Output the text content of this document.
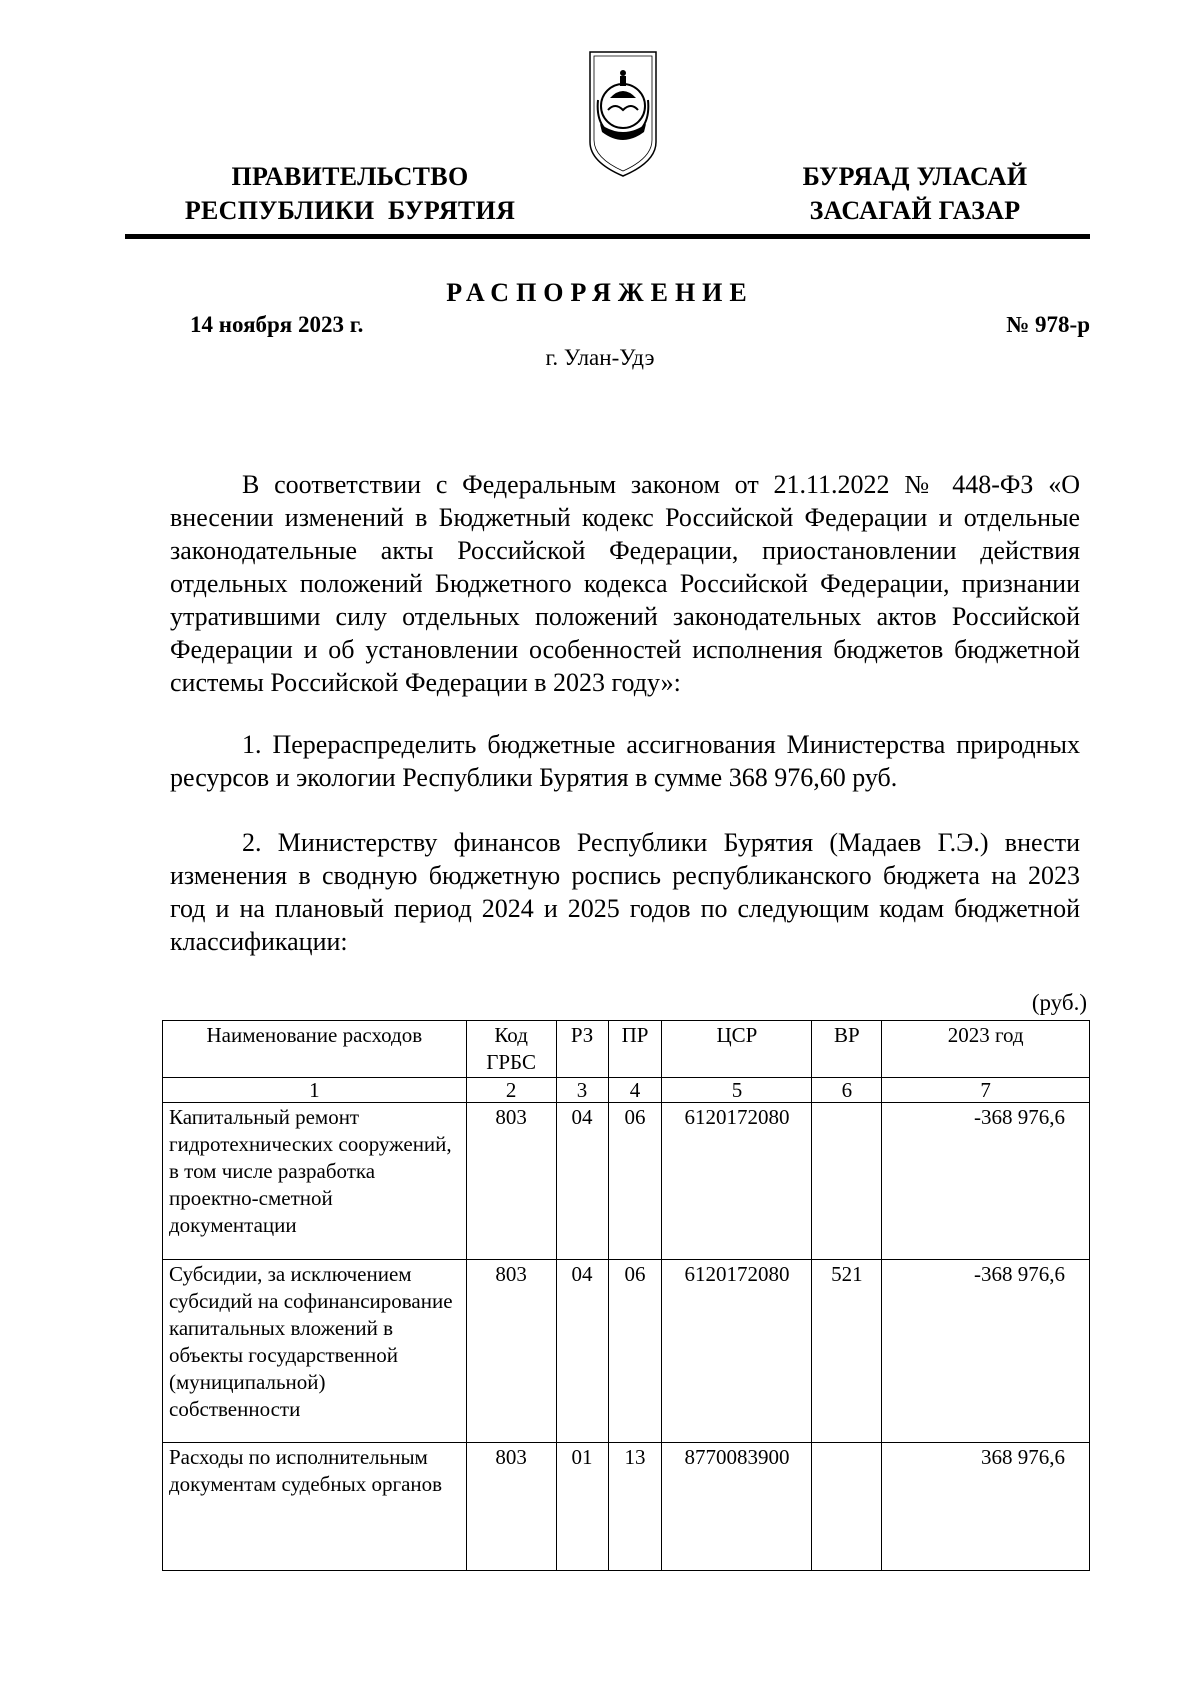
ПРАВИТЕЛЬСТВО
РЕСПУБЛИКИ  БУРЯТИЯ
БУРЯАД УЛАСАЙ
ЗАСАГАЙ ГАЗАР
РАСПОРЯЖЕНИЕ
14 ноября 2023 г.	№ 978-р
г. Улан-Удэ

В соответствии с Федеральным законом от 21.11.2022 № 448-ФЗ «О внесении изменений в Бюджетный кодекс Российской Федерации и отдельные законодательные акты Российской Федерации, приостановлении действия отдельных положений Бюджетного кодекса Российской Федерации, признании утратившими силу отдельных положений законодательных актов Российской Федерации и об установлении особенностей исполнения бюджетов бюджетной системы Российской Федерации в 2023 году»:

1. Перераспределить бюджетные ассигнования Министерства природных ресурсов и экологии Республики Бурятия в сумме 368 976,60 руб.

2. Министерству финансов Республики Бурятия (Мадаев Г.Э.) внести изменения в сводную бюджетную роспись республиканского бюджета на 2023 год и на плановый период 2024 и 2025 годов по следующим кодам бюджетной классификации:

(руб.)
Наименование расходов	Код ГРБС	РЗ	ПР	ЦСР	ВР	2023 год
1	2	3	4	5	6	7
Капитальный ремонт гидротехнических сооружений, в том числе разработка проектно-сметной документации	803	04	06	6120172080		-368 976,6
Субсидии, за исключением субсидий на софинансирование капитальных вложений в объекты государственной (муниципальной) собственности	803	04	06	6120172080	521	-368 976,6
Расходы по исполнительным документам судебных органов	803	01	13	8770083900		368 976,6
